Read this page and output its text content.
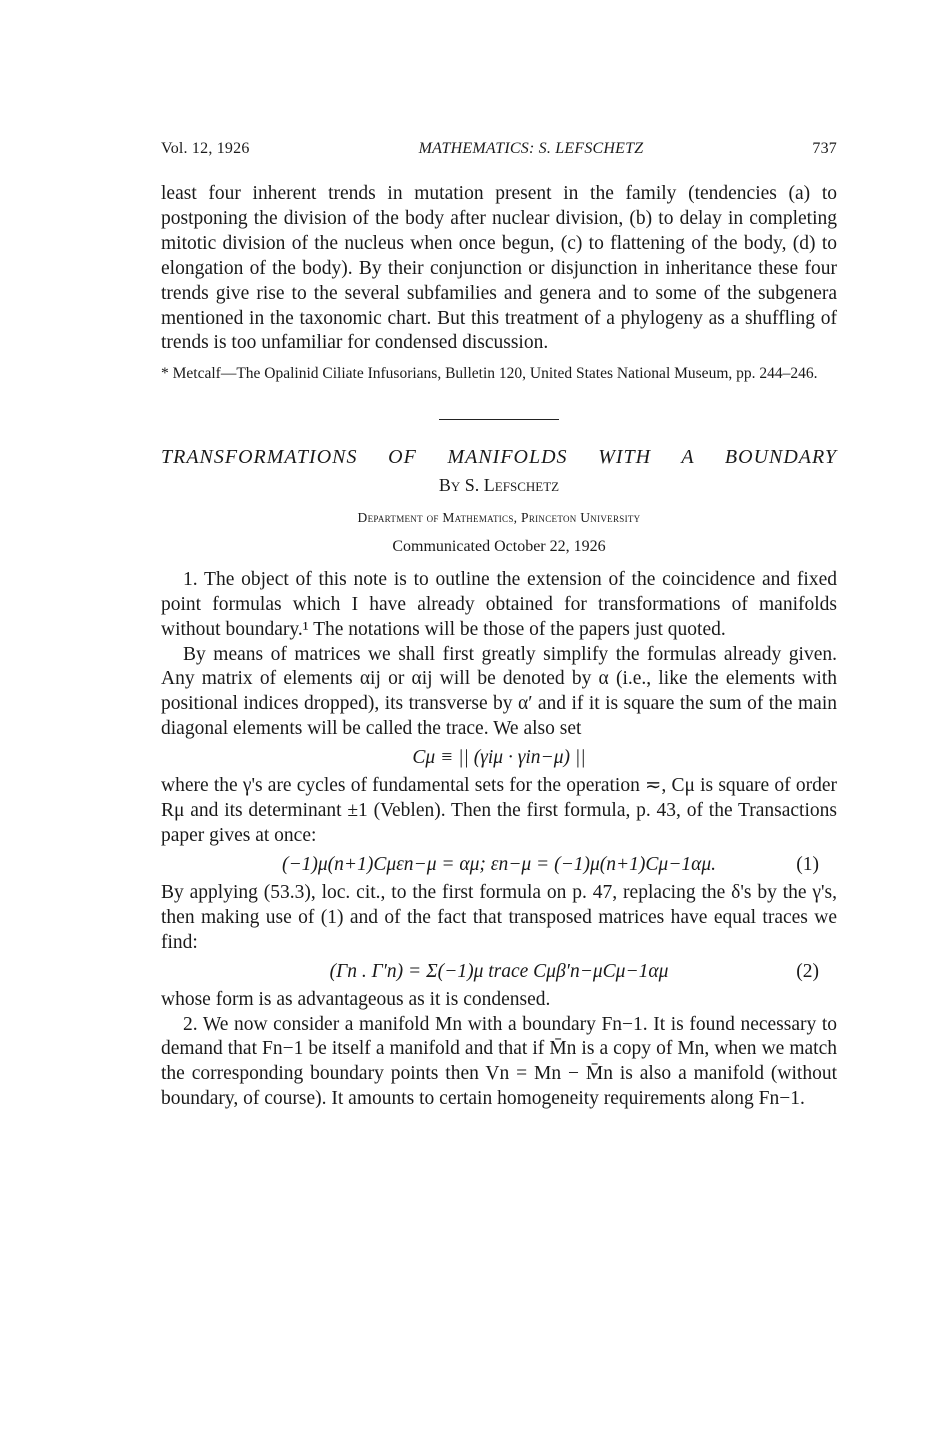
Vol. 12, 1926	MATHEMATICS: S. LEFSCHETZ	737

least four inherent trends in mutation present in the family (tendencies (a) to postponing the division of the body after nuclear division, (b) to delay in completing mitotic division of the nucleus when once begun, (c) to flattening of the body, (d) to elongation of the body). By their conjunction or disjunction in inheritance these four trends give rise to the several subfamilies and genera and to some of the subgenera mentioned in the taxonomic chart. But this treatment of a phylogeny as a shuffling of trends is too unfamiliar for condensed discussion.

* Metcalf—The Opalinid Ciliate Infusorians, Bulletin 120, United States National Museum, pp. 244–246.

TRANSFORMATIONS OF MANIFOLDS WITH A BOUNDARY
By S. Lefschetz
Department of Mathematics, Princeton University
Communicated October 22, 1926

1. The object of this note is to outline the extension of the coincidence and fixed point formulas which I have already obtained for transformations of manifolds without boundary.¹ The notations will be those of the papers just quoted.

By means of matrices we shall first greatly simplify the formulas already given. Any matrix of elements αij or αij will be denoted by α (i.e., like the elements with positional indices dropped), its transverse by α′ and if it is square the sum of the main diagonal elements will be called the trace. We also set

Cμ ≡ || (γiμ · γin−μ) ||

where the γ's are cycles of fundamental sets for the operation ≂, Cμ is square of order Rμ and its determinant ±1 (Veblen). Then the first formula, p. 43, of the Transactions paper gives at once:

(−1)μ(n+1)Cμεn−μ = αμ; εn−μ = (−1)μ(n+1)Cμ−1αμ.	(1)

By applying (53.3), loc. cit., to the first formula on p. 47, replacing the δ's by the γ's, then making use of (1) and of the fact that transposed matrices have equal traces we find:

(Γn . Γ′n) = Σ(−1)μ trace Cμβ′n−μCμ−1αμ	(2)

whose form is as advantageous as it is condensed.

2. We now consider a manifold Mn with a boundary Fn−1. It is found necessary to demand that Fn−1 be itself a manifold and that if M̄n is a copy of Mn, when we match the corresponding boundary points then Vn = Mn − M̄n is also a manifold (without boundary, of course). It amounts to certain homogeneity requirements along Fn−1.
